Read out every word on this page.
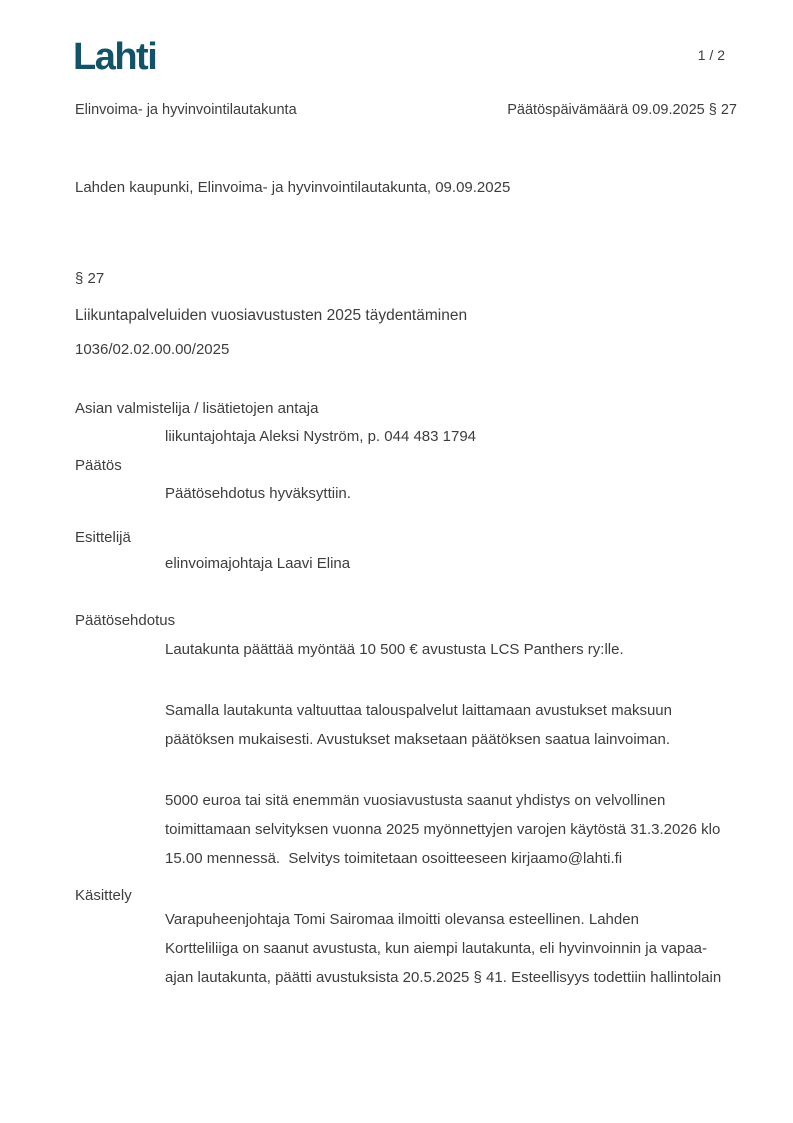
Lahti	1 / 2
Elinvoima- ja hyvinvointilautakunta	Päätöspäivämäärä 09.09.2025 § 27
Lahden kaupunki, Elinvoima- ja hyvinvointilautakunta, 09.09.2025
§ 27
Liikuntapalveluiden vuosiavustusten 2025 täydentäminen
1036/02.02.00.00/2025
Asian valmistelija / lisätietojen antaja
liikuntajohtaja Aleksi Nyström, p. 044 483 1794
Päätös
Päätösehdotus hyväksyttiin.
Esittelijä
elinvoimajohtaja Laavi Elina
Päätösehdotus
Lautakunta päättää myöntää 10 500 € avustusta LCS Panthers ry:lle.
Samalla lautakunta valtuuttaa talouspalvelut laittamaan avustukset maksuun
päätöksen mukaisesti. Avustukset maksetaan päätöksen saatua lainvoiman.
5000 euroa tai sitä enemmän vuosiavustusta saanut yhdistys on velvollinen
toimittamaan selvityksen vuonna 2025 myönnettyjen varojen käytöstä 31.3.2026 klo
15.00 mennessä.  Selvitys toimitetaan osoitteeseen kirjaamo@lahti.fi
Käsittely
Varapuheenjohtaja Tomi Sairomaa ilmoitti olevansa esteellinen. Lahden
Kortteliliiga on saanut avustusta, kun aiempi lautakunta, eli hyvinvoinnin ja vapaa-
ajan lautakunta, päätti avustuksista 20.5.2025 § 41. Esteellisyys todettiin hallintolain
